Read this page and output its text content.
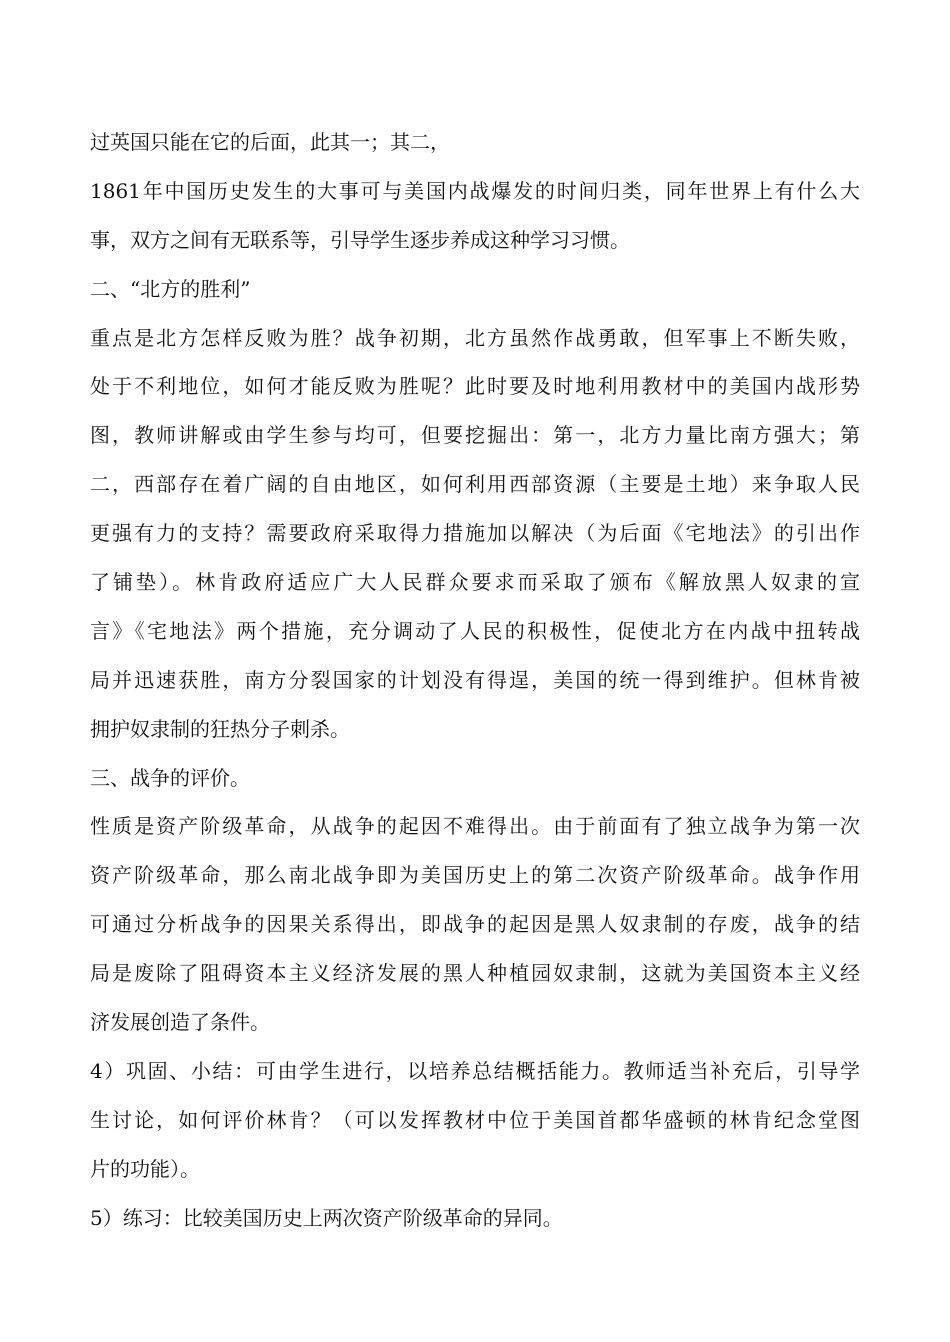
过英国只能在它的后面，此其一；其二，
1861年中国历史发生的大事可与美国内战爆发的时间归类，同年世界上有什么大
事，双方之间有无联系等，引导学生逐步养成这种学习习惯。
二、“北方的胜利”
重点是北方怎样反败为胜？战争初期，北方虽然作战勇敢，但军事上不断失败，
处于不利地位，如何才能反败为胜呢？此时要及时地利用教材中的美国内战形势
图，教师讲解或由学生参与均可，但要挖掘出：第一，北方力量比南方强大；第
二，西部存在着广阔的自由地区，如何利用西部资源（主要是土地）来争取人民
更强有力的支持？需要政府采取得力措施加以解决（为后面《宅地法》的引出作
了铺垫）。林肯政府适应广大人民群众要求而采取了颁布《解放黑人奴隶的宣
言》《宅地法》两个措施，充分调动了人民的积极性，促使北方在内战中扭转战
局并迅速获胜，南方分裂国家的计划没有得逞，美国的统一得到维护。但林肯被
拥护奴隶制的狂热分子刺杀。
三、战争的评价。
性质是资产阶级革命，从战争的起因不难得出。由于前面有了独立战争为第一次
资产阶级革命，那么南北战争即为美国历史上的第二次资产阶级革命。战争作用
可通过分析战争的因果关系得出，即战争的起因是黑人奴隶制的存废，战争的结
局是废除了阻碍资本主义经济发展的黑人种植园奴隶制，这就为美国资本主义经
济发展创造了条件。
4）巩固、小结：可由学生进行，以培养总结概括能力。教师适当补充后，引导学
生讨论，如何评价林肯？（可以发挥教材中位于美国首都华盛顿的林肯纪念堂图
片的功能）。
5）练习：比较美国历史上两次资产阶级革命的异同。
